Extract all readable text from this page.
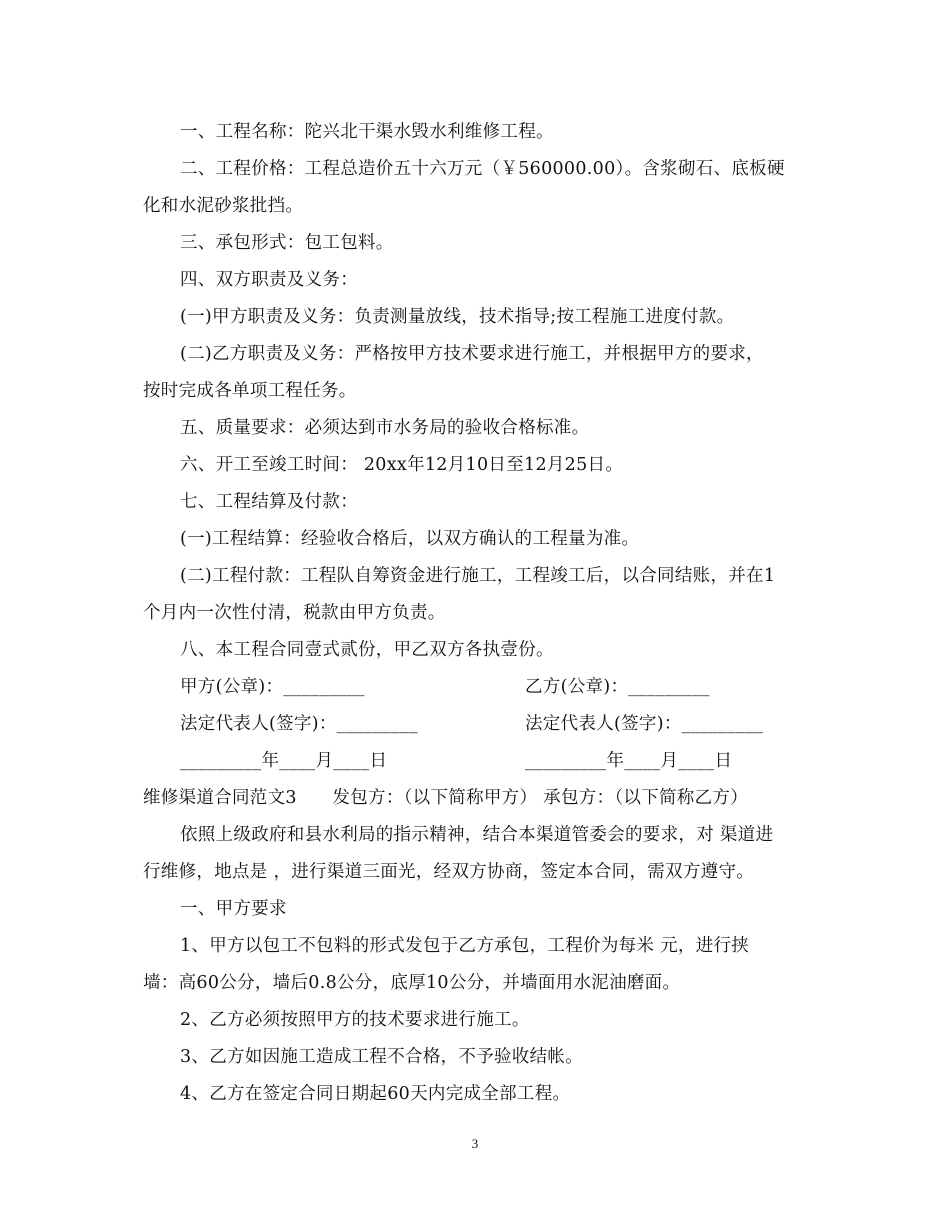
一、工程名称：陀兴北干渠水毁水利维修工程。
二、工程价格：工程总造价五十六万元（￥560000.00）。含浆砌石、底板硬
化和水泥砂浆批挡。
三、承包形式：包工包料。
四、双方职责及义务：
(一)甲方职责及义务：负责测量放线，技术指导;按工程施工进度付款。
(二)乙方职责及义务：严格按甲方技术要求进行施工，并根据甲方的要求，
按时完成各单项工程任务。
五、质量要求：必须达到市水务局的验收合格标准。
六、开工至竣工时间： 20xx年12月10日至12月25日。
七、工程结算及付款：
(一)工程结算：经验收合格后，以双方确认的工程量为准。
(二)工程付款：工程队自筹资金进行施工，工程竣工后，以合同结账，并在1
个月内一次性付清，税款由甲方负责。
八、本工程合同壹式贰份，甲乙双方各执壹份。
甲方(公章)：_________	乙方(公章)：_________
法定代表人(签字)：_________	法定代表人(签字)：_________
_________年____月____日	_________年____月____日
维修渠道合同范文3　　发包方：（以下简称甲方） 承包方：（以下简称乙方）
依照上级政府和县水利局的指示精神，结合本渠道管委会的要求，对 渠道进
行维修，地点是 ，进行渠道三面光，经双方协商，签定本合同，需双方遵守。
一、甲方要求
1、甲方以包工不包料的形式发包于乙方承包，工程价为每米 元，进行挟
墙：高60公分，墙后0.8公分，底厚10公分，并墙面用水泥油磨面。
2、乙方必须按照甲方的技术要求进行施工。
3、乙方如因施工造成工程不合格，不予验收结帐。
4、乙方在签定合同日期起60天内完成全部工程。
3
